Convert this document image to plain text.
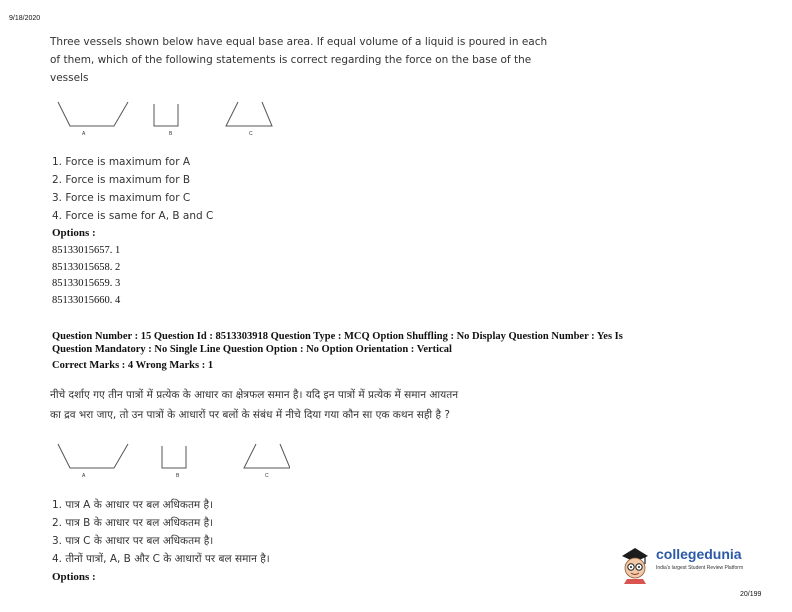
9/18/2020
Three vessels shown below have equal base area. If equal volume of a liquid is poured in each of them, which of the following statements is correct regarding the force on the base of the vessels
A	B	C
1. Force is maximum for A
2. Force is maximum for B
3. Force is maximum for C
4. Force is same for A, B and C
Options :
85133015657. 1
85133015658. 2
85133015659. 3
85133015660. 4
Question Number : 15 Question Id : 8513303918 Question Type : MCQ Option Shuffling : No Display Question Number : Yes Is
Question Mandatory : No Single Line Question Option : No Option Orientation : Vertical
Correct Marks : 4 Wrong Marks : 1
नीचे दर्शाए गए तीन पात्रों में प्रत्येक के आधार का क्षेत्रफल समान है। यदि इन पात्रों में प्रत्येक में समान आयतन
का द्रव भरा जाए, तो उन पात्रों के आधारों पर बलों के संबंध में नीचे दिया गया कौन सा एक कथन सही है ?
A	B	C
1. पात्र A के आधार पर बल अधिकतम है।
2. पात्र B के आधार पर बल अधिकतम है।
3. पात्र C के आधार पर बल अधिकतम है।
4. तीनों पात्रों, A, B और C के आधारों पर बल समान है।
Options :
collegedunia
India's largest Student Review Platform
20/199
